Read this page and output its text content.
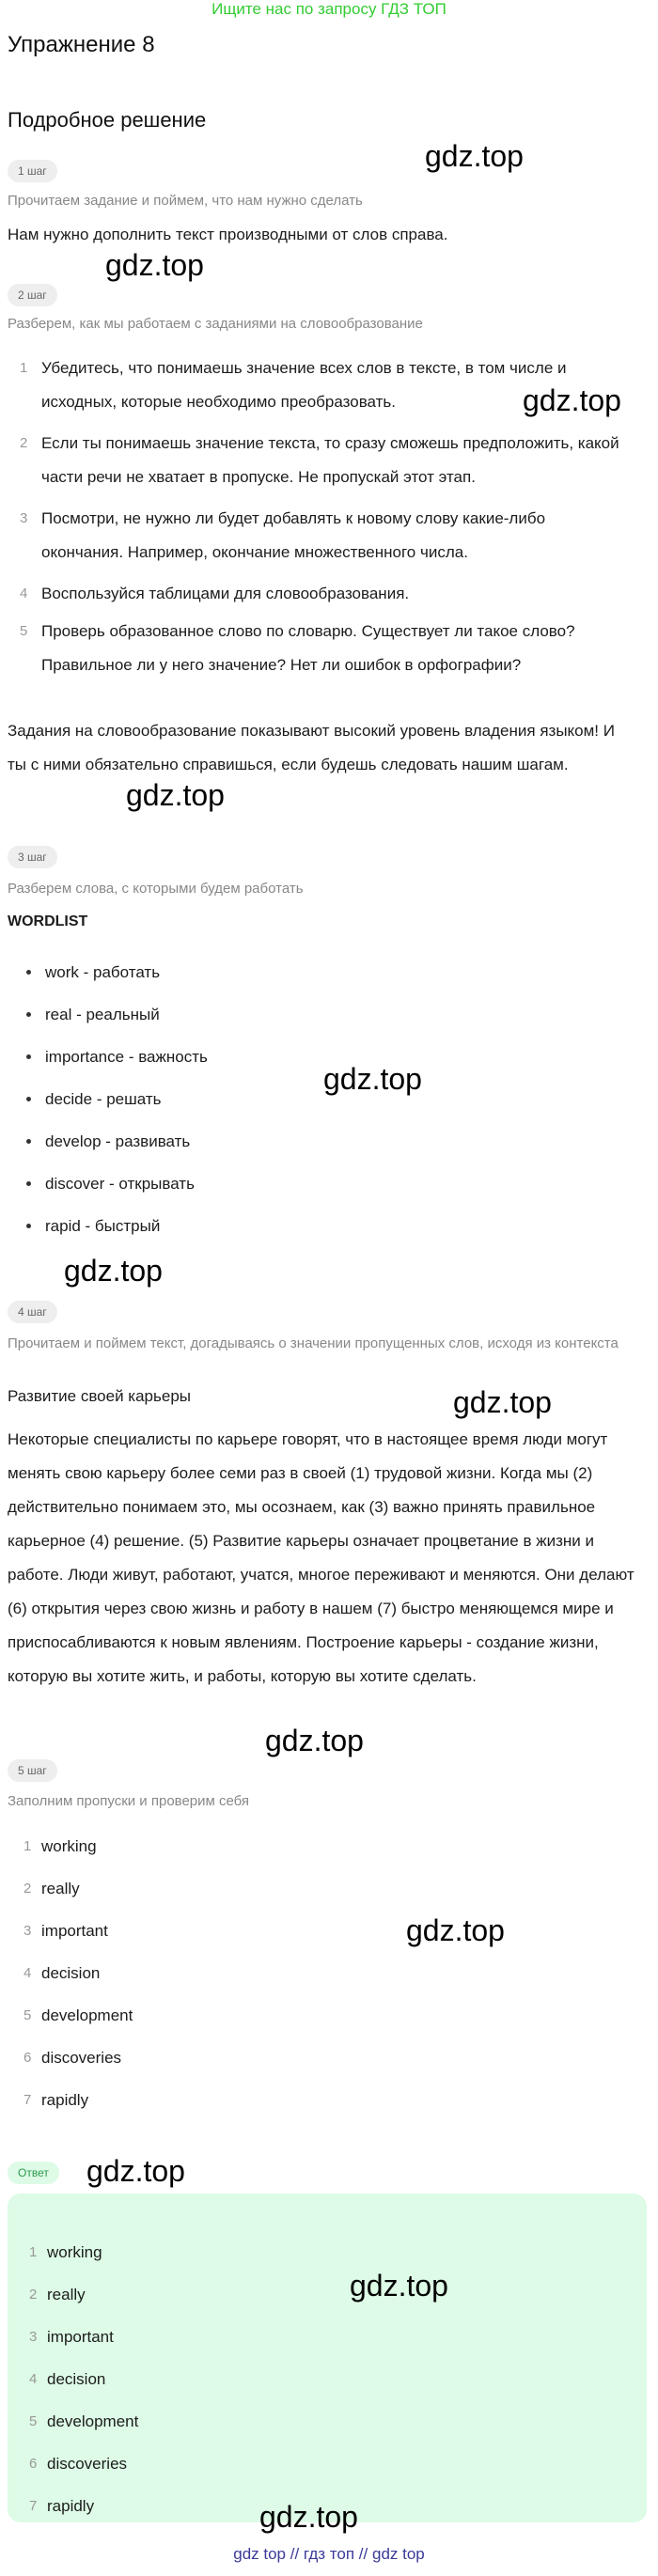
Ищите нас по запросу ГДЗ ТОП
Упражнение 8
Подробное решение
1 шаг	gdz.top
Прочитаем задание и поймем, что нам нужно сделать
Нам нужно дополнить текст производными от слов справа.
gdz.top
2 шаг
Разберем, как мы работаем с заданиями на словообразование
1 Убедитесь, что понимаешь значение всех слов в тексте, в том числе и исходных, которые необходимо преобразовать.
2 Если ты понимаешь значение текста, то сразу сможешь предположить, какой части речи не хватает в пропуске. Не пропускай этот этап.
3 Посмотри, не нужно ли будет добавлять к новому слову какие-либо окончания. Например, окончание множественного числа.
4 Воспользуйся таблицами для словообразования.
5 Проверь образованное слово по словарю. Существует ли такое слово? Правильное ли у него значение? Нет ли ошибок в орфографии?
gdz.top
Задания на словообразование показывают высокий уровень владения языком! И ты с ними обязательно справишься, если будешь следовать нашим шагам.
gdz.top
3 шаг
Разберем слова, с которыми будем работать
WORDLIST
work - работать
real - реальный
importance - важность
decide - решать
develop - развивать
discover - открывать
rapid - быстрый
gdz.top
gdz.top
4 шаг
Прочитаем и поймем текст, догадываясь о значении пропущенных слов, исходя из контекста
Развитие своей карьеры	gdz.top
Некоторые специалисты по карьере говорят, что в настоящее время люди могут менять свою карьеру более семи раз в своей (1) трудовой жизни. Когда мы (2) действительно понимаем это, мы осознаем, как (3) важно принять правильное карьерное (4) решение. (5) Развитие карьеры означает процветание в жизни и работе. Люди живут, работают, учатся, многое переживают и меняются. Они делают (6) открытия через свою жизнь и работу в нашем (7) быстро меняющемся мире и приспосабливаются к новым явлениям. Построение карьеры - создание жизни, которую вы хотите жить, и работы, которую вы хотите сделать.
gdz.top
5 шаг
Заполним пропуски и проверим себя
1 working
2 really
3 important
4 decision
5 development
6 discoveries
7 rapidly
gdz.top
Ответ	gdz.top
1 working
2 really
3 important
4 decision
5 development
6 discoveries
7 rapidly
gdz.top
gdz.top
gdz top // гдз топ // gdz top
